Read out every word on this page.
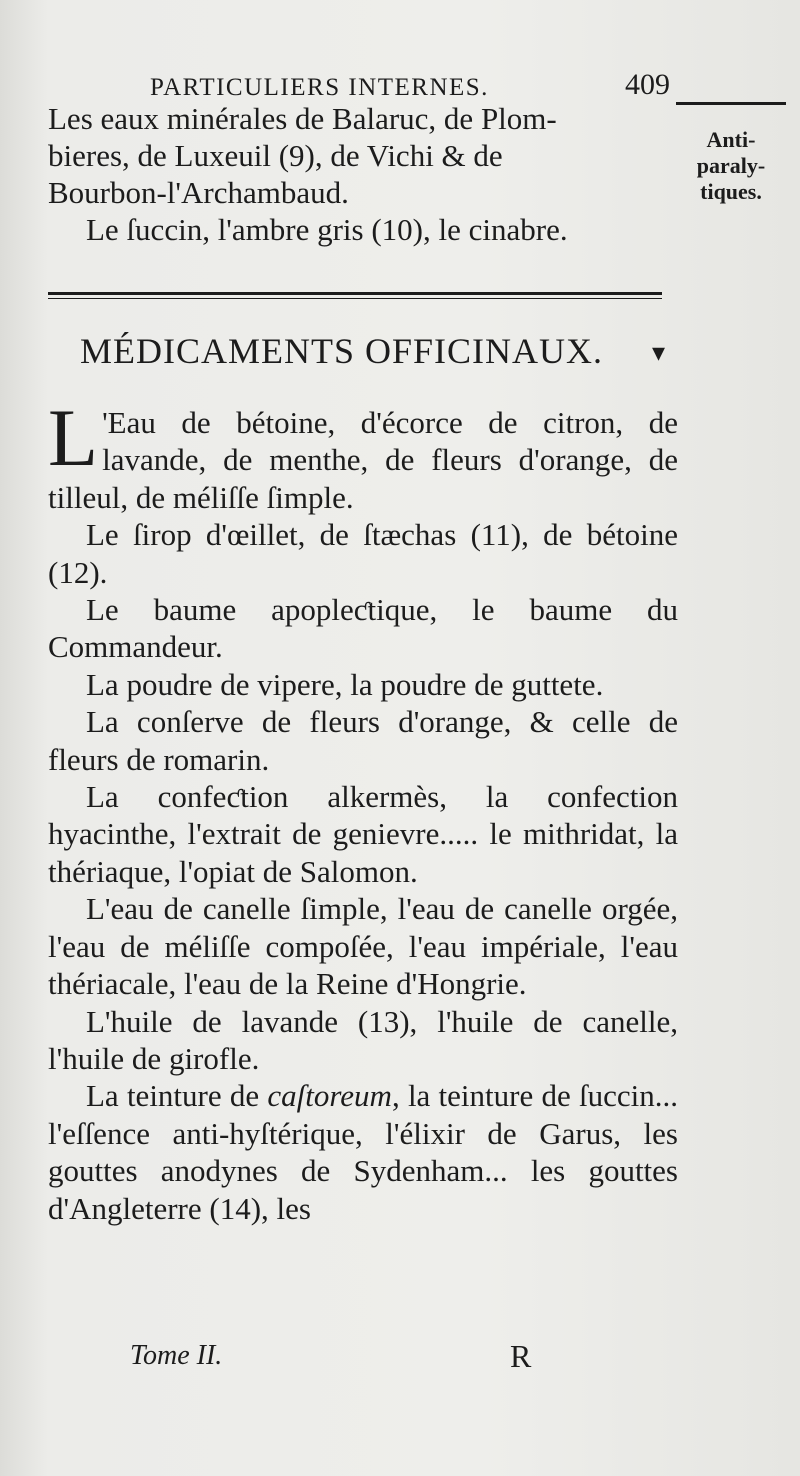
PARTICULIERS INTERNES.	409

Les eaux minérales de Balaruc, de Plom-

bieres, de Luxeuil (9), de Vichi & de

Bourbon-l'Archambaud.

Le ſuccin, l'ambre gris (10), le cinabre.

Anti-
paraly-
tiques.
MÉDICAMENTS OFFICINAUX.	▾

L 'Eau de bétoine, d'écorce de citron, de lavande, de menthe, de fleurs d'orange, de tilleul, de méliſſe ſimple.

Le ſirop d'œillet, de ſtæchas (11), de bétoine (12).

Le baume apopleƈtique, le baume du Commandeur.

La poudre de vipere, la poudre de guttete.

La conſerve de fleurs d'orange, & celle de fleurs de romarin.

La confeƈtion alkermès, la confection hyacinthe, l'extrait de genievre..... le mithridat, la thériaque, l'opiat de Salomon.

L'eau de canelle ſimple, l'eau de canelle orgée, l'eau de méliſſe compoſée, l'eau impériale, l'eau thériacale, l'eau de la Reine d'Hongrie.

L'huile de lavande (13), l'huile de canelle, l'huile de girofle.

La teinture de caſtoreum, la teinture de ſuccin... l'eſſence anti-hyſtérique, l'élixir de Garus, les gouttes anodynes de Sydenham... les gouttes d'Angleterre (14), les

Tome II.	R
